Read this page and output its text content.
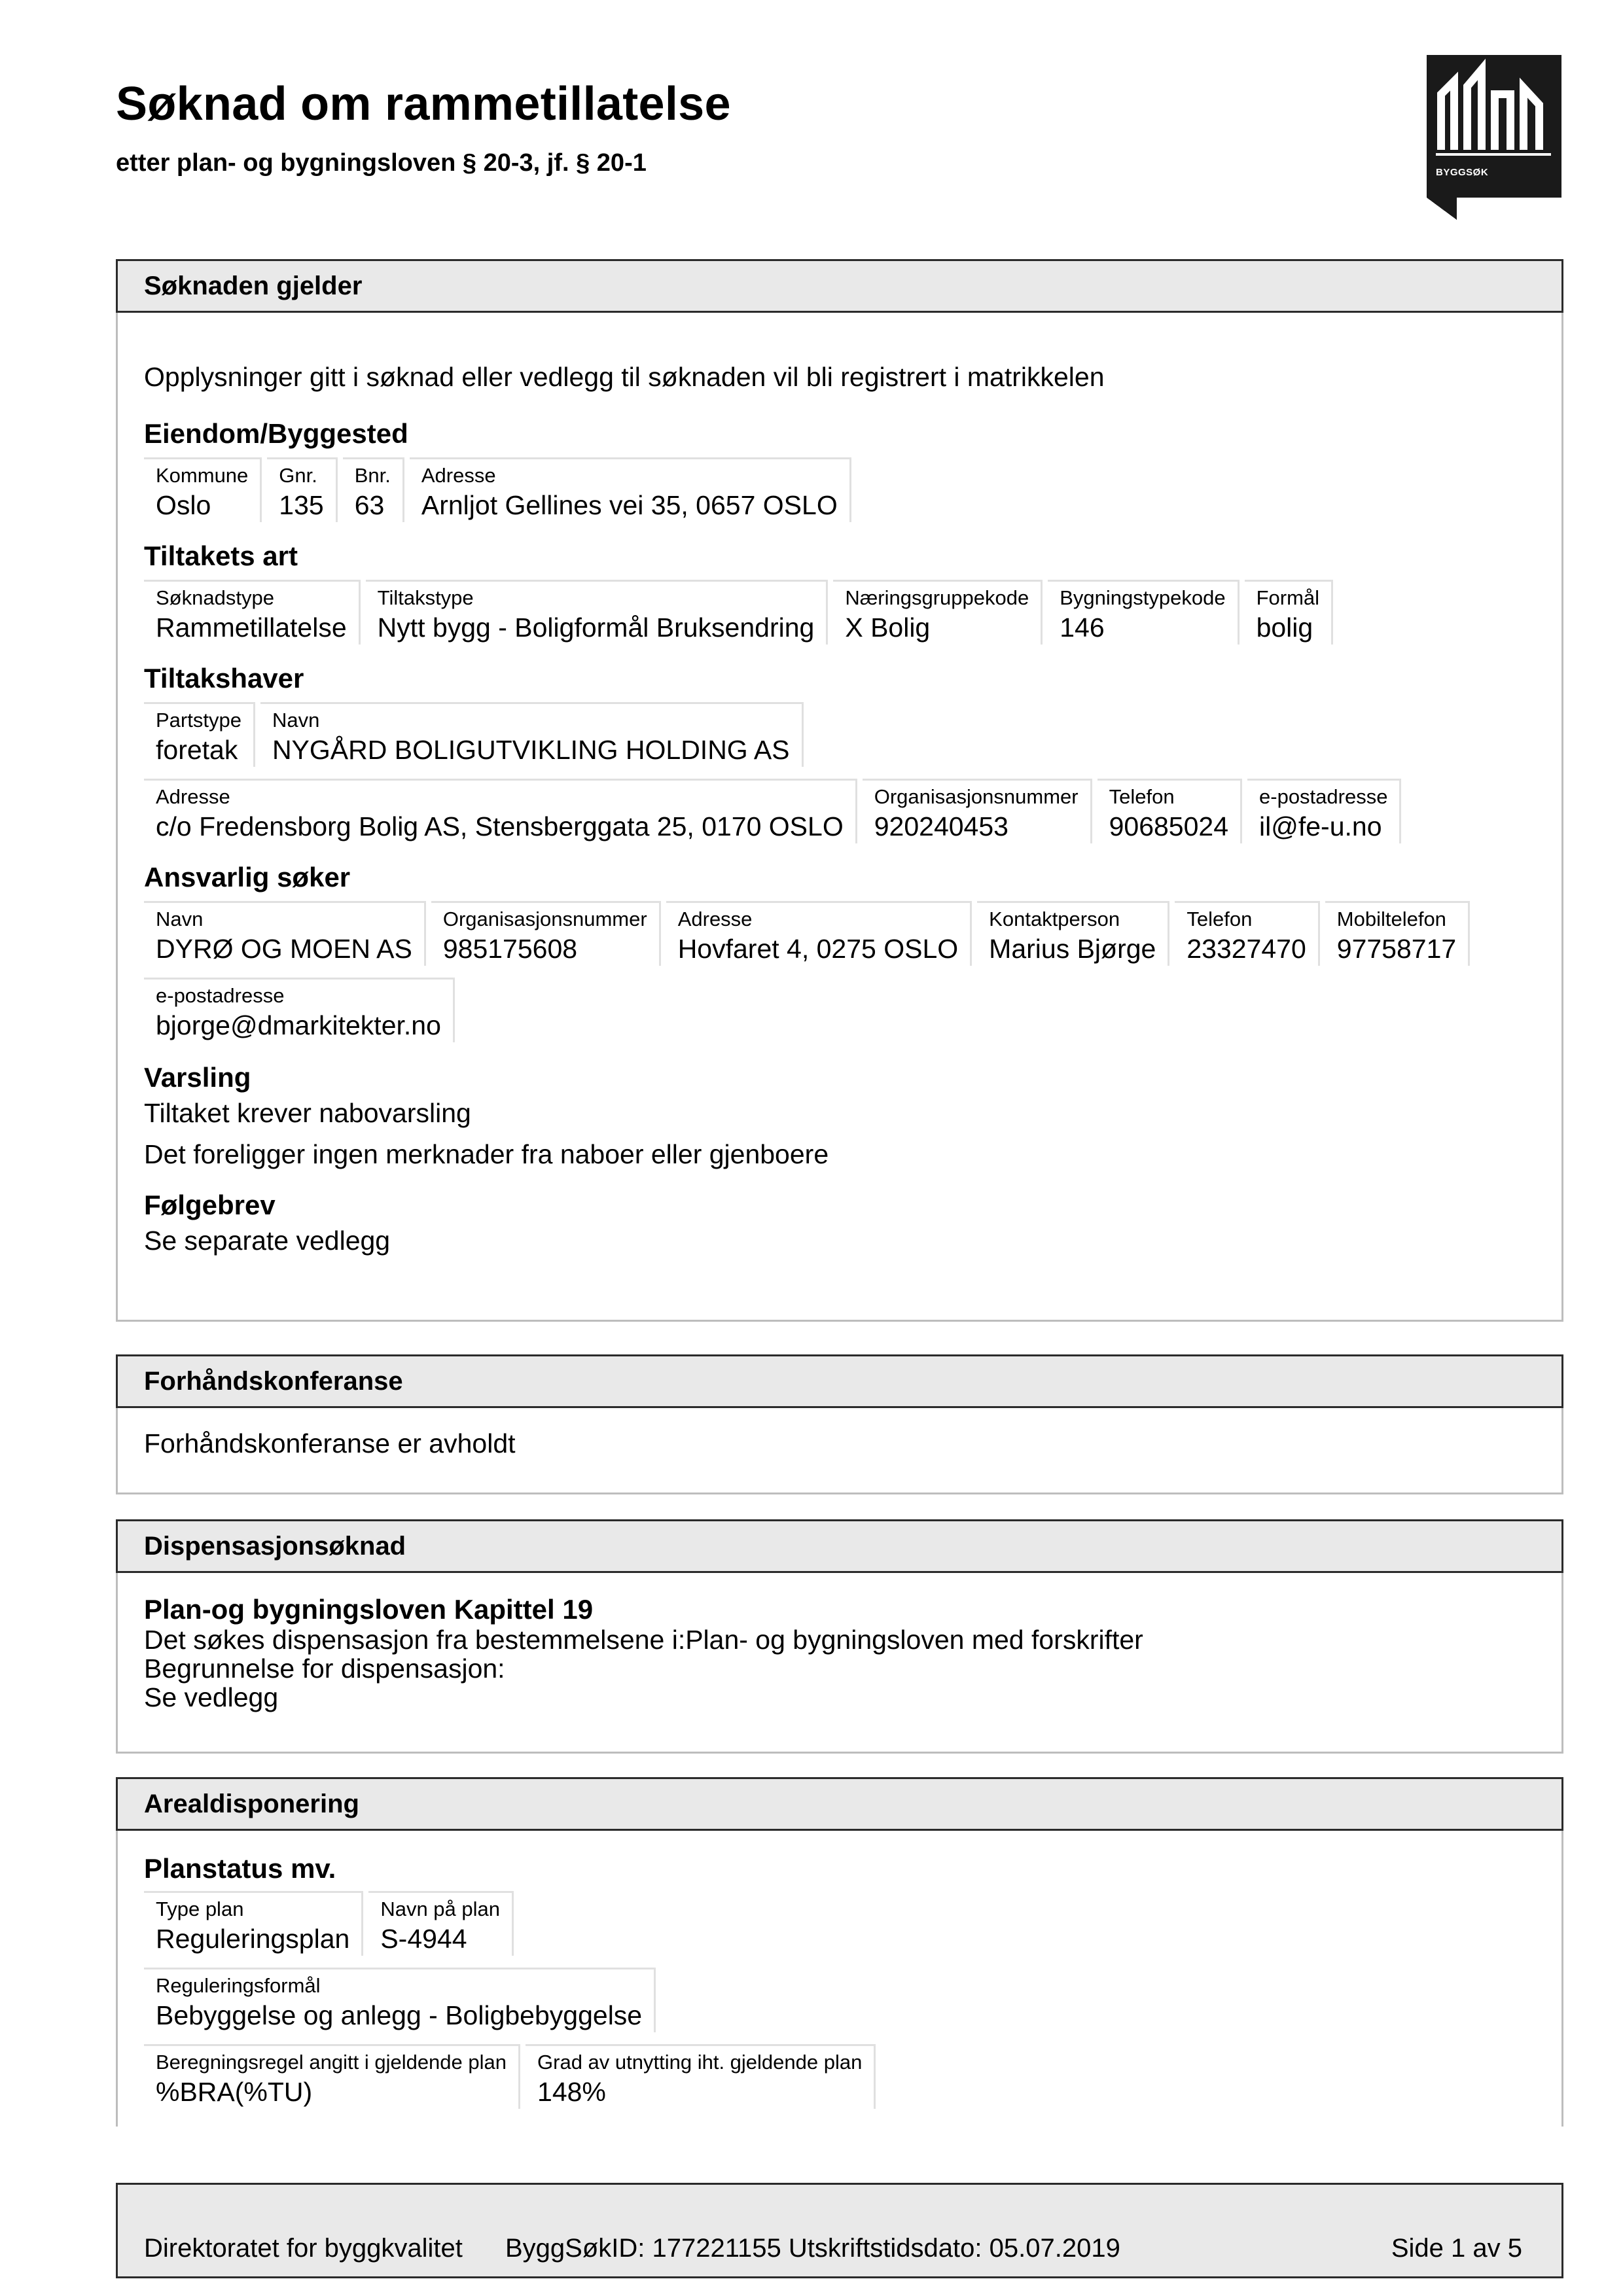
Søknad om rammetillatelse
etter plan- og bygningsloven § 20-3, jf. § 20-1	BYGGSØK
Søknaden gjelder
Opplysninger gitt i søknad eller vedlegg til søknaden vil bli registrert i matrikkelen
Eiendom/Byggested
Kommune
Oslo
Gnr.
135
Bnr.
63
Adresse
Arnljot Gellines vei 35, 0657 OSLO
Tiltakets art
Søknadstype
Rammetillatelse
Tiltakstype
Nytt bygg - Boligformål Bruksendring
Næringsgruppekode
X Bolig
Bygningstypekode
146
Formål
bolig
Tiltakshaver
Partstype
foretak
Navn
NYGÅRD BOLIGUTVIKLING HOLDING AS
Adresse
c/o Fredensborg Bolig AS, Stensberggata 25, 0170 OSLO
Organisasjonsnummer
920240453
Telefon
90685024
e-postadresse
il@fe-u.no
Ansvarlig søker
Navn
DYRØ OG MOEN AS
Organisasjonsnummer
985175608
Adresse
Hovfaret 4, 0275 OSLO
Kontaktperson
Marius Bjørge
Telefon
23327470
Mobiltelefon
97758717
e-postadresse
bjorge@dmarkitekter.no
Varsling
Tiltaket krever nabovarsling
Det foreligger ingen merknader fra naboer eller gjenboere
Følgebrev
Se separate vedlegg
Forhåndskonferanse
Forhåndskonferanse er avholdt
Dispensasjonsøknad
Plan-og bygningsloven Kapittel 19
Det søkes dispensasjon fra bestemmelsene i:Plan- og bygningsloven med forskrifter
Begrunnelse for dispensasjon:
Se vedlegg
Arealdisponering
Planstatus mv.
Type plan
Reguleringsplan
Navn på plan
S-4944
Reguleringsformål
Bebyggelse og anlegg - Boligbebyggelse
Beregningsregel angitt i gjeldende plan
%BRA(%TU)
Grad av utnytting iht. gjeldende plan
148%
Direktoratet for byggkvalitet ByggSøkID: 177221155 Utskriftstidsdato: 05.07.2019	Side 1 av 5
